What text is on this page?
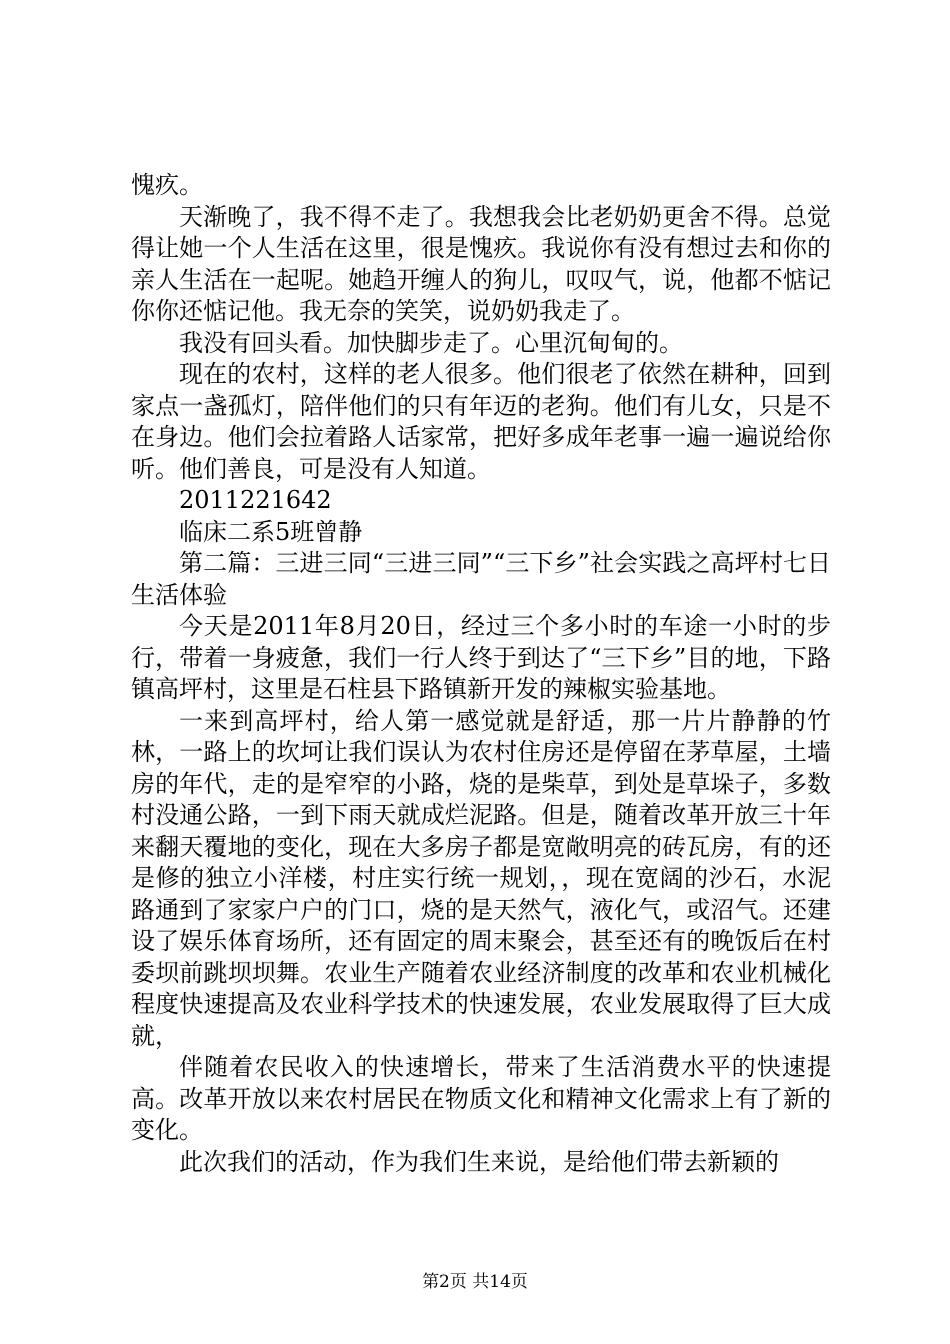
愧疚。

天渐晚了，我不得不走了。我想我会比老奶奶更舍不得。总觉得让她一个人生活在这里，很是愧疚。我说你有没有想过去和你的亲人生活在一起呢。她趋开缠人的狗儿，叹叹气，说，他都不惦记你你还惦记他。我无奈的笑笑，说奶奶我走了。

我没有回头看。加快脚步走了。心里沉甸甸的。

现在的农村，这样的老人很多。他们很老了依然在耕种，回到家点一盏孤灯，陪伴他们的只有年迈的老狗。他们有儿女，只是不在身边。他们会拉着路人话家常，把好多成年老事一遍一遍说给你听。他们善良，可是没有人知道。

2011221642

临床二系5班曾静

第二篇：三进三同“三进三同”“三下乡”社会实践之高坪村七日生活体验

今天是2011年8月20日，经过三个多小时的车途一小时的步行，带着一身疲惫，我们一行人终于到达了“三下乡”目的地，下路镇高坪村，这里是石柱县下路镇新开发的辣椒实验基地。

一来到高坪村，给人第一感觉就是舒适，那一片片静静的竹林，一路上的坎坷让我们误认为农村住房还是停留在茅草屋，土墙房的年代，走的是窄窄的小路，烧的是柴草，到处是草垛子，多数村没通公路，一到下雨天就成烂泥路。但是，随着改革开放三十年来翻天覆地的变化，现在大多房子都是宽敞明亮的砖瓦房，有的还是修的独立小洋楼，村庄实行统一规划，，现在宽阔的沙石，水泥路通到了家家户户的门口，烧的是天然气，液化气，或沼气。还建设了娱乐体育场所，还有固定的周末聚会，甚至还有的晚饭后在村委坝前跳坝坝舞。农业生产随着农业经济制度的改革和农业机械化程度快速提高及农业科学技术的快速发展，农业发展取得了巨大成就，

伴随着农民收入的快速增长，带来了生活消费水平的快速提高。改革开放以来农村居民在物质文化和精神文化需求上有了新的变化。

此次我们的活动，作为我们生来说，是给他们带去新颖的

第2页 共14页
